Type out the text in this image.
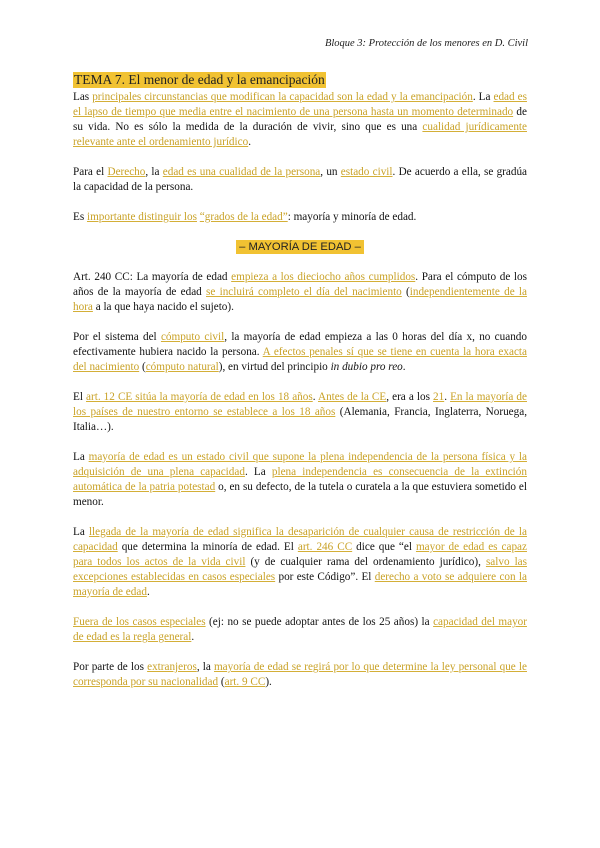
Bloque 3: Protección de los menores en D. Civil
TEMA 7. El menor de edad y la emancipación

Las principales circunstancias que modifican la capacidad son la edad y la emancipación. La edad es el lapso de tiempo que media entre el nacimiento de una persona hasta un momento determinado de su vida. No es sólo la medida de la duración de vivir, sino que es una cualidad jurídicamente relevante ante el ordenamiento jurídico.

Para el Derecho, la edad es una cualidad de la persona, un estado civil. De acuerdo a ella, se gradúa la capacidad de la persona.

Es importante distinguir los “grados de la edad”: mayoría y minoría de edad.

– MAYORÍA DE EDAD –

Art. 240 CC: La mayoría de edad empieza a los dieciocho años cumplidos. Para el cómputo de los años de la mayoría de edad se incluirá completo el día del nacimiento (independientemente de la hora a la que haya nacido el sujeto).

Por el sistema del cómputo civil, la mayoría de edad empieza a las 0 horas del día x, no cuando efectivamente hubiera nacido la persona. A efectos penales sí que se tiene en cuenta la hora exacta del nacimiento (cómputo natural), en virtud del principio in dubio pro reo.

El art. 12 CE sitúa la mayoría de edad en los 18 años. Antes de la CE, era a los 21. En la mayoría de los países de nuestro entorno se establece a los 18 años (Alemania, Francia, Inglaterra, Noruega, Italia…).

La mayoría de edad es un estado civil que supone la plena independencia de la persona física y la adquisición de una plena capacidad. La plena independencia es consecuencia de la extinción automática de la patria potestad o, en su defecto, de la tutela o curatela a la que estuviera sometido el menor.

La llegada de la mayoría de edad significa la desaparición de cualquier causa de restricción de la capacidad que determina la minoría de edad. El art. 246 CC dice que “el mayor de edad es capaz para todos los actos de la vida civil (y de cualquier rama del ordenamiento jurídico), salvo las excepciones establecidas en casos especiales por este Código”. El derecho a voto se adquiere con la mayoría de edad.

Fuera de los casos especiales (ej: no se puede adoptar antes de los 25 años) la capacidad del mayor de edad es la regla general.

Por parte de los extranjeros, la mayoría de edad se regirá por lo que determine la ley personal que le corresponda por su nacionalidad (art. 9 CC).
